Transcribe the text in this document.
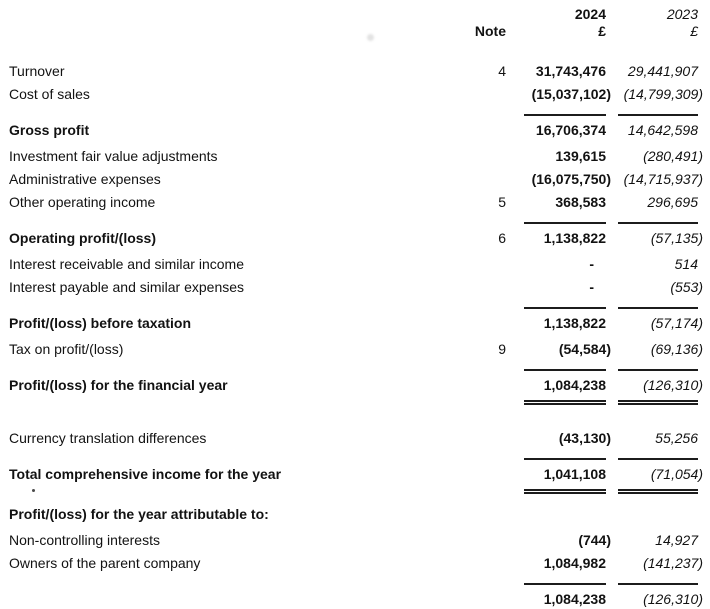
2024	2023
Note	£	£
Turnover	4	31,743,476	29,441,907
Cost of sales	(15,037,102) (14,799,309)
Gross profit	16,706,374	14,642,598
Investment fair value adjustments	139,615	(280,491)
Administrative expenses	(16,075,750) (14,715,937)
Other operating income	5	368,583	296,695
Operating profit/(loss)	6	1,138,822	(57,135)
Interest receivable and similar income	-	514
Interest payable and similar expenses	-	(553)
Profit/(loss) before taxation	1,138,822	(57,174)
Tax on profit/(loss)	9	(54,584)	(69,136)
Profit/(loss) for the financial year	1,084,238	(126,310)
Currency translation differences	(43,130)	55,256
Total comprehensive income for the year	1,041,108	(71,054)
Profit/(loss) for the year attributable to:
Non-controlling interests	(744)	14,927
Owners of the parent company	1,084,982	(141,237)
1,084,238	(126,310)
